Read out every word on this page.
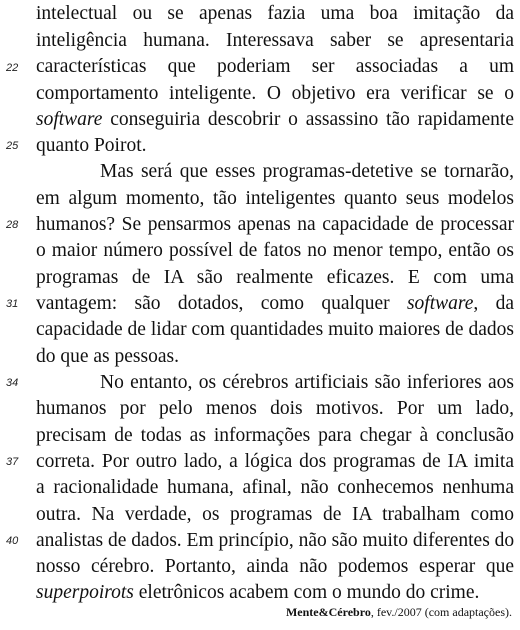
intelectual ou se apenas fazia uma boa imitação da
inteligência humana. Interessava saber se apresentaria
22 características que poderiam ser associadas a um
comportamento inteligente. O objetivo era verificar se o
software conseguiria descobrir o assassino tão rapidamente
25 quanto Poirot.
Mas será que esses programas-detetive se tornarão,
em algum momento, tão inteligentes quanto seus modelos
28 humanos? Se pensarmos apenas na capacidade de processar
o maior número possível de fatos no menor tempo, então os
programas de IA são realmente eficazes. E com uma
31 vantagem: são dotados, como qualquer software, da
capacidade de lidar com quantidades muito maiores de dados
do que as pessoas.
34	No entanto, os cérebros artificiais são inferiores aos
humanos por pelo menos dois motivos. Por um lado,
precisam de todas as informações para chegar à conclusão
37 correta. Por outro lado, a lógica dos programas de IA imita
a racionalidade humana, afinal, não conhecemos nenhuma
outra. Na verdade, os programas de IA trabalham como
40 analistas de dados. Em princípio, não são muito diferentes do
nosso cérebro. Portanto, ainda não podemos esperar que
superpoirots eletrônicos acabem com o mundo do crime.
Mente&Cérebro, fev./2007 (com adaptações).
